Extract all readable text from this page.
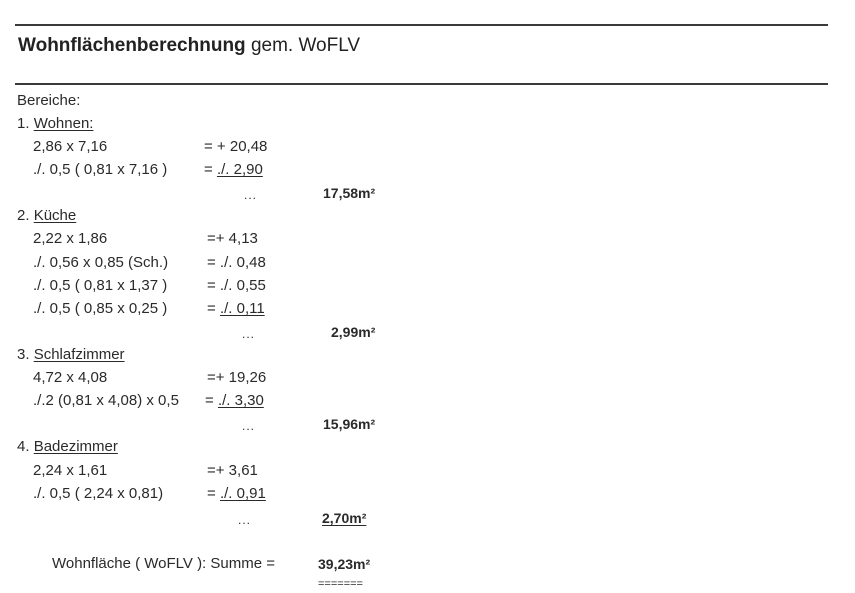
Wohnflächenberechnung gem. WoFLV
Bereiche:
1. Wohnen:
2,86 x 7,16	= + 20,48
./. 0,5 ( 0,81 x 7,16 ) = ./. 2,90
...	17,58m²
2. Küche
2,22 x 1,86	=+ 4,13
./. 0,56 x 0,85 (Sch.)	= ./. 0,48
./. 0,5 ( 0,81 x 1,37 )	= ./. 0,55
./. 0,5 ( 0,85 x 0,25 )	= ./. 0,11
...	2,99m²
3. Schlafzimmer
4,72 x 4,08	=+ 19,26
./.2 (0,81 x 4,08) x 0,5 = ./. 3,30
...	15,96m²
4. Badezimmer
2,24 x 1,61	=+ 3,61
./. 0,5 ( 2,24 x 0,81)	= ./. 0,91
...	2,70m²
Wohnfläche ( WoFLV ): Summe =	39,23m²
=======
